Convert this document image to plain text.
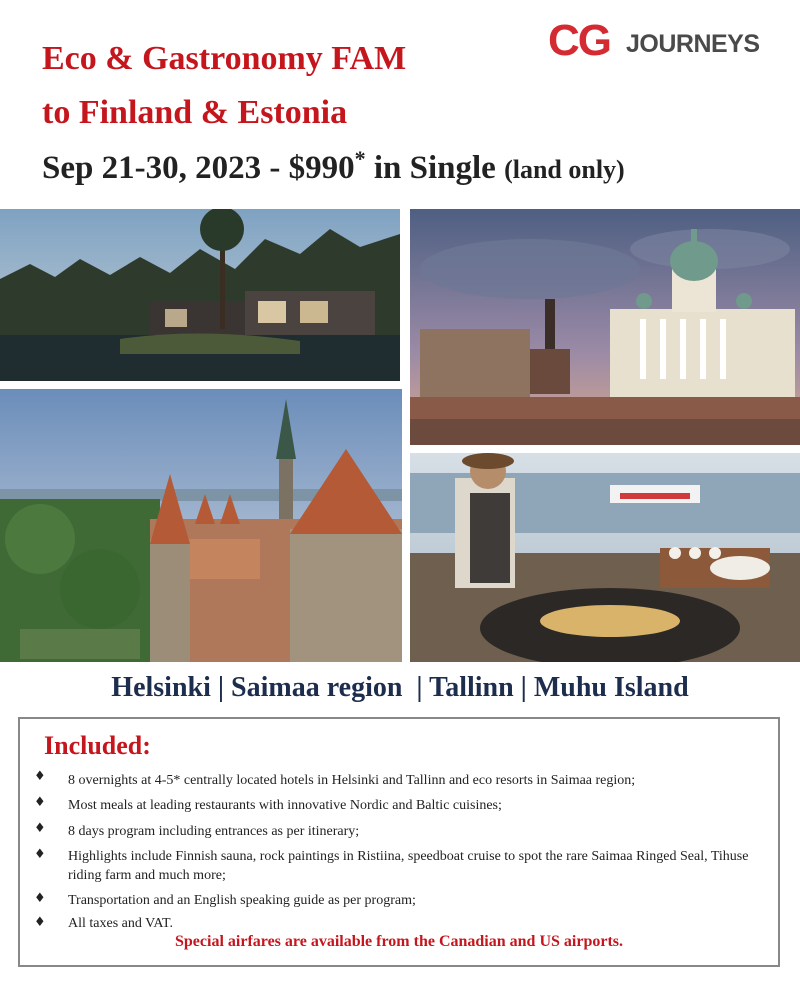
CG JOURNEYS
Eco & Gastronomy FAM
to Finland & Estonia
Sep 21-30, 2023 - $990* in Single (land only)
Helsinki | Saimaa region  | Tallinn | Muhu Island
Included:
♦ 8 overnights at 4-5* centrally located hotels in Helsinki and Tallinn and eco resorts in Saimaa region;
♦ Most meals at leading restaurants with innovative Nordic and Baltic cuisines;
♦ 8 days program including entrances as per itinerary;
♦ Highlights include Finnish sauna, rock paintings in Ristiina, speedboat cruise to spot the rare Saimaa Ringed Seal, Tihuse riding farm and much more;
♦ Transportation and an English speaking guide as per program;
♦ All taxes and VAT.
Special airfares are available from the Canadian and US airports.
